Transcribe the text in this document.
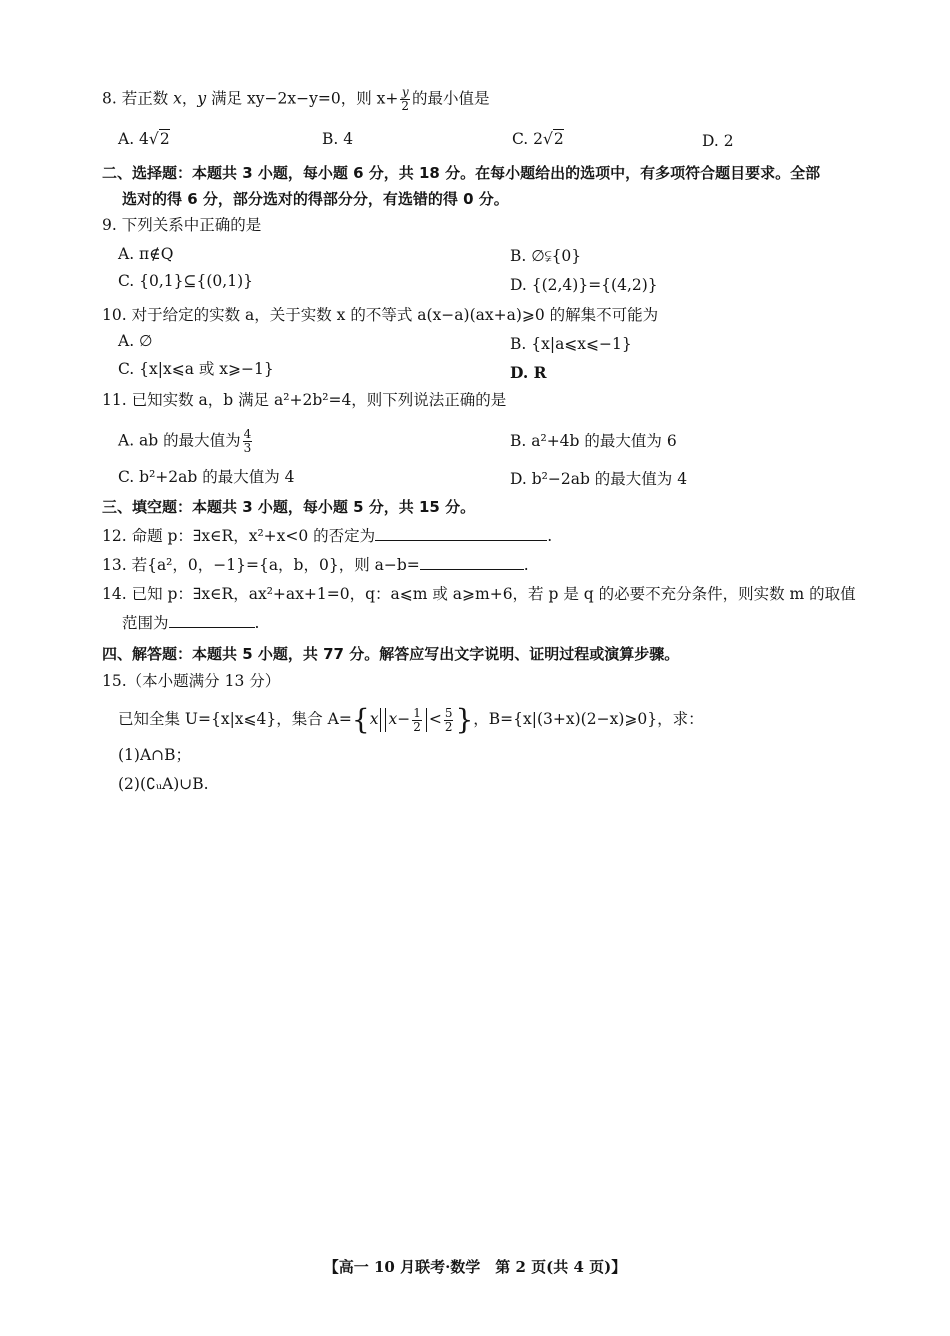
8. 若正数 x，y 满足 xy−2x−y=0，则 $x+ \frac{y}{2}$ 的最小值是
A. 4√2	B. 4	C. 2√2	D. 2
二、选择题：本题共 3 小题，每小题 6 分，共 18 分。在每小题给出的选项中，有多项符合题目要求。全部
选对的得 6 分，部分选对的得部分分，有选错的得 0 分。
9. 下列关系中正确的是
A. π∉Q	B. ∅⫋{0}
C. {0,1}⊆{(0,1)}	D. {(2,4)}={(4,2)}
10. 对于给定的实数 a，关于实数 x 的不等式 a(x−a)(ax+a)⩾0 的解集不可能为
A. ∅	B. {x|a⩽x⩽−1}
C. {x|x⩽a 或 x⩾−1}	D. R
11. 已知实数 a，b 满足 a²+2b²=4，则下列说法正确的是
A. ab 的最大值为 $\frac{4}{3}$	B. a²+4b 的最大值为 6
C. b²+2ab 的最大值为 4	D. b²−2ab 的最大值为 4
三、填空题：本题共 3 小题，每小题 5 分，共 15 分。
12. 命题 p：∃x∈R，x²+x<0 的否定为	.
13. 若{a²，0，−1}={a，b，0}，则 a−b=	.
14. 已知 p：∃x∈R，ax²+ax+1=0，q：a⩽m 或 a⩾m+6，若 p 是 q 的必要不充分条件，则实数 m 的取值
范围为	.
四、解答题：本题共 5 小题，共 77 分。解答应写出文字说明、证明过程或演算步骤。
15.（本小题满分 13 分）
已知全集 U={x|x⩽4}，集合 A={x $x- \frac{1}{2} < \frac{5}{2}$ }，B={x|(3+x)(2−x)⩾0}，求：
(1)A∩B；
(2)(∁ᵤA)∪B.
【高一 10 月联考·数学　第 2 页(共 4 页)】
